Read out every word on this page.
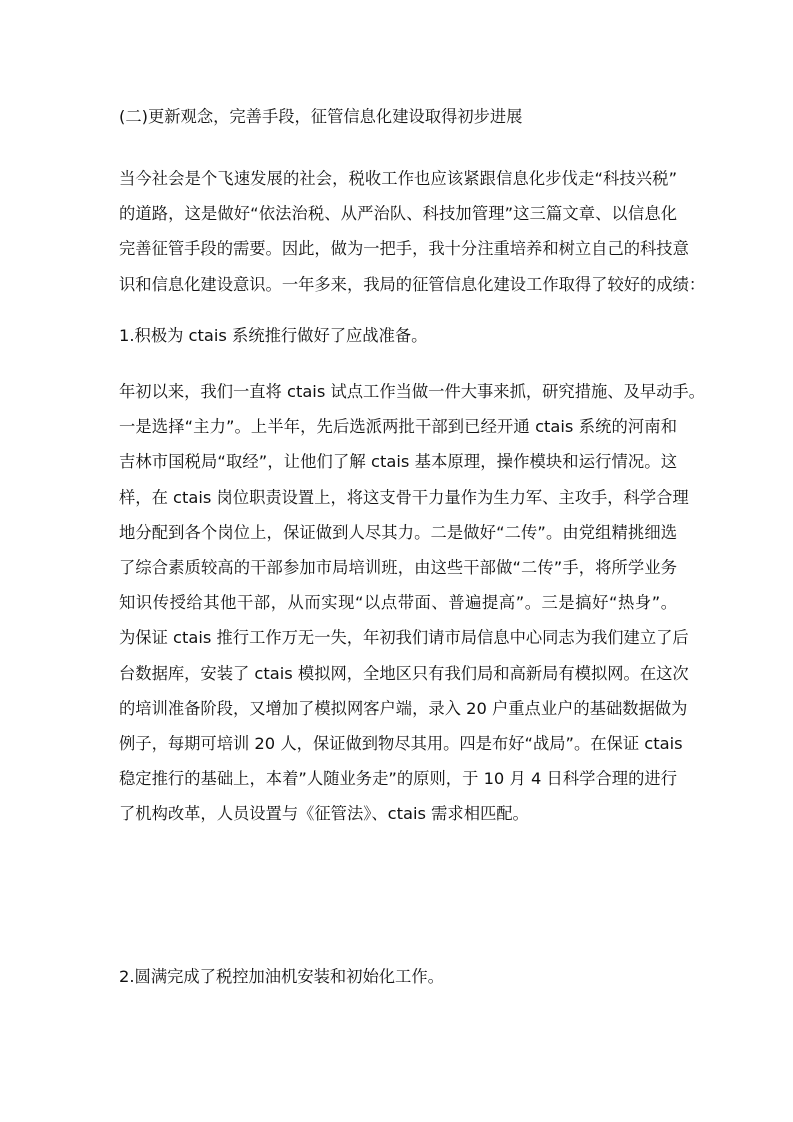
(二)更新观念，完善手段，征管信息化建设取得初步进展
当今社会是个飞速发展的社会，税收工作也应该紧跟信息化步伐走“科技兴税”
的道路，这是做好“依法治税、从严治队、科技加管理”这三篇文章、以信息化
完善征管手段的需要。因此，做为一把手，我十分注重培养和树立自己的科技意
识和信息化建设意识。一年多来，我局的征管信息化建设工作取得了较好的成绩：
1.积极为 ctais 系统推行做好了应战准备。
年初以来，我们一直将 ctais 试点工作当做一件大事来抓，研究措施、及早动手。
一是选择“主力”。上半年，先后选派两批干部到已经开通 ctais 系统的河南和
吉林市国税局“取经”，让他们了解 ctais 基本原理，操作模块和运行情况。这
样，在 ctais 岗位职责设置上，将这支骨干力量作为生力军、主攻手，科学合理
地分配到各个岗位上，保证做到人尽其力。二是做好“二传”。由党组精挑细选
了综合素质较高的干部参加市局培训班，由这些干部做“二传”手，将所学业务
知识传授给其他干部，从而实现“以点带面、普遍提高”。三是搞好“热身”。
为保证 ctais 推行工作万无一失，年初我们请市局信息中心同志为我们建立了后
台数据库，安装了 ctais 模拟网，全地区只有我们局和高新局有模拟网。在这次
的培训准备阶段，又增加了模拟网客户端，录入 20 户重点业户的基础数据做为
例子，每期可培训 20 人，保证做到物尽其用。四是布好“战局”。在保证 ctais
稳定推行的基础上，本着”人随业务走”的原则，于 10 月 4 日科学合理的进行
了机构改革，人员设置与《征管法》、ctais 需求相匹配。
2.圆满完成了税控加油机安装和初始化工作。
